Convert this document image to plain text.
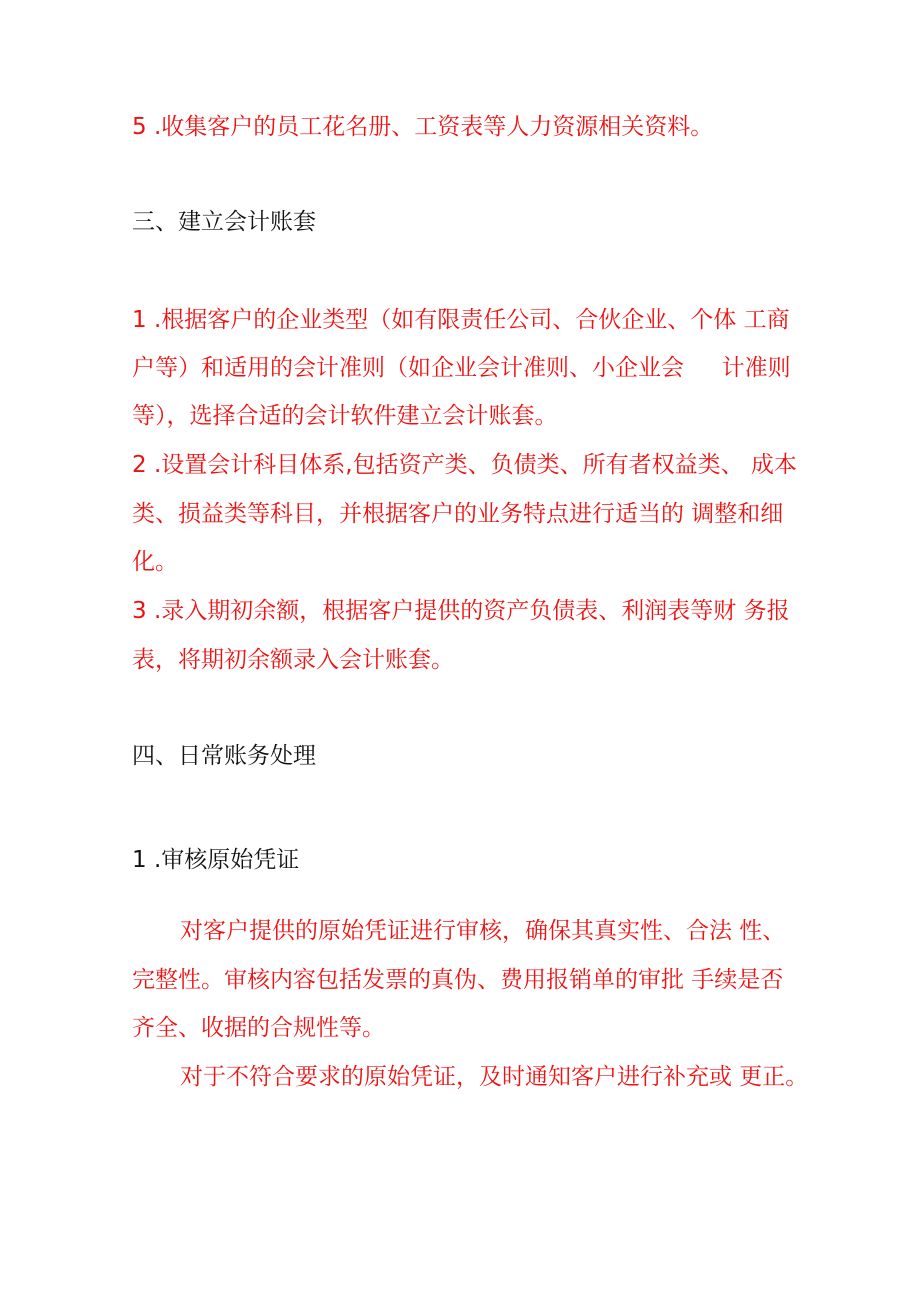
5 .收集客户的员工花名册、工资表等人力资源相关资料。
三、建立会计账套
1 .根据客户的企业类型（如有限责任公司、合伙企业、个体 工商
户等）和适用的会计准则（如企业会计准则、小企业会 　 计准则
等），选择合适的会计软件建立会计账套。
2 .设置会计科目体系,包括资产类、负债类、所有者权益类、 成本
类、损益类等科目，并根据客户的业务特点进行适当的 调整和细
化。
3 .录入期初余额，根据客户提供的资产负债表、利润表等财 务报
表，将期初余额录入会计账套。
四、日常账务处理
1 .审核原始凭证
对客户提供的原始凭证进行审核，确保其真实性、合法 性、
完整性。审核内容包括发票的真伪、费用报销单的审批 手续是否
齐全、收据的合规性等。
对于不符合要求的原始凭证，及时通知客户进行补充或 更正。
